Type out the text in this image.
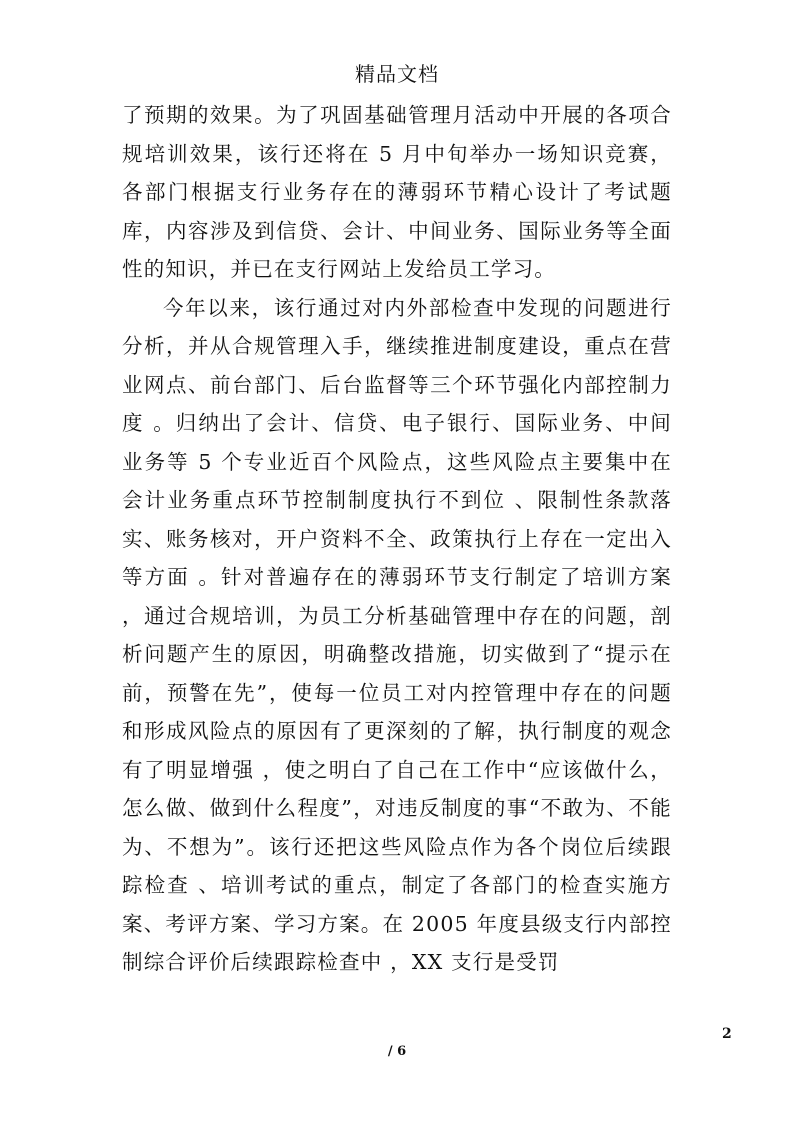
精品文档

了预期的效果。为了巩固基础管理月活动中开展的各项合规培训效果，该行还将在 5 月中旬举办一场知识竞赛，各部门根据支行业务存在的薄弱环节精心设计了考试题库，内容涉及到信贷、会计、中间业务、国际业务等全面性的知识，并已在支行网站上发给员工学习。

今年以来，该行通过对内外部检查中发现的问题进行分析，并从合规管理入手，继续推进制度建设，重点在营业网点、前台部门、后台监督等三个环节强化内部控制力度 。归纳出了会计、信贷、电子银行、国际业务、中间业务等 5 个专业近百个风险点，这些风险点主要集中在会计业务重点环节控制制度执行不到位 、限制性条款落实、账务核对，开户资料不全、政策执行上存在一定出入等方面 。针对普遍存在的薄弱环节支行制定了培训方案 ，通过合规培训，为员工分析基础管理中存在的问题，剖析问题产生的原因，明确整改措施，切实做到了“提示在前，预警在先”，使每一位员工对内控管理中存在的问题和形成风险点的原因有了更深刻的了解，执行制度的观念有了明显增强 ，使之明白了自己在工作中“应该做什么，怎么做、做到什么程度”，对违反制度的事“不敢为、不能为、不想为”。该行还把这些风险点作为各个岗位后续跟踪检查 、培训考试的重点，制定了各部门的检查实施方案、考评方案、学习方案。在 2005 年度县级支行内部控制综合评价后续跟踪检查中 ，XX 支行是受罚

2
/ 6
